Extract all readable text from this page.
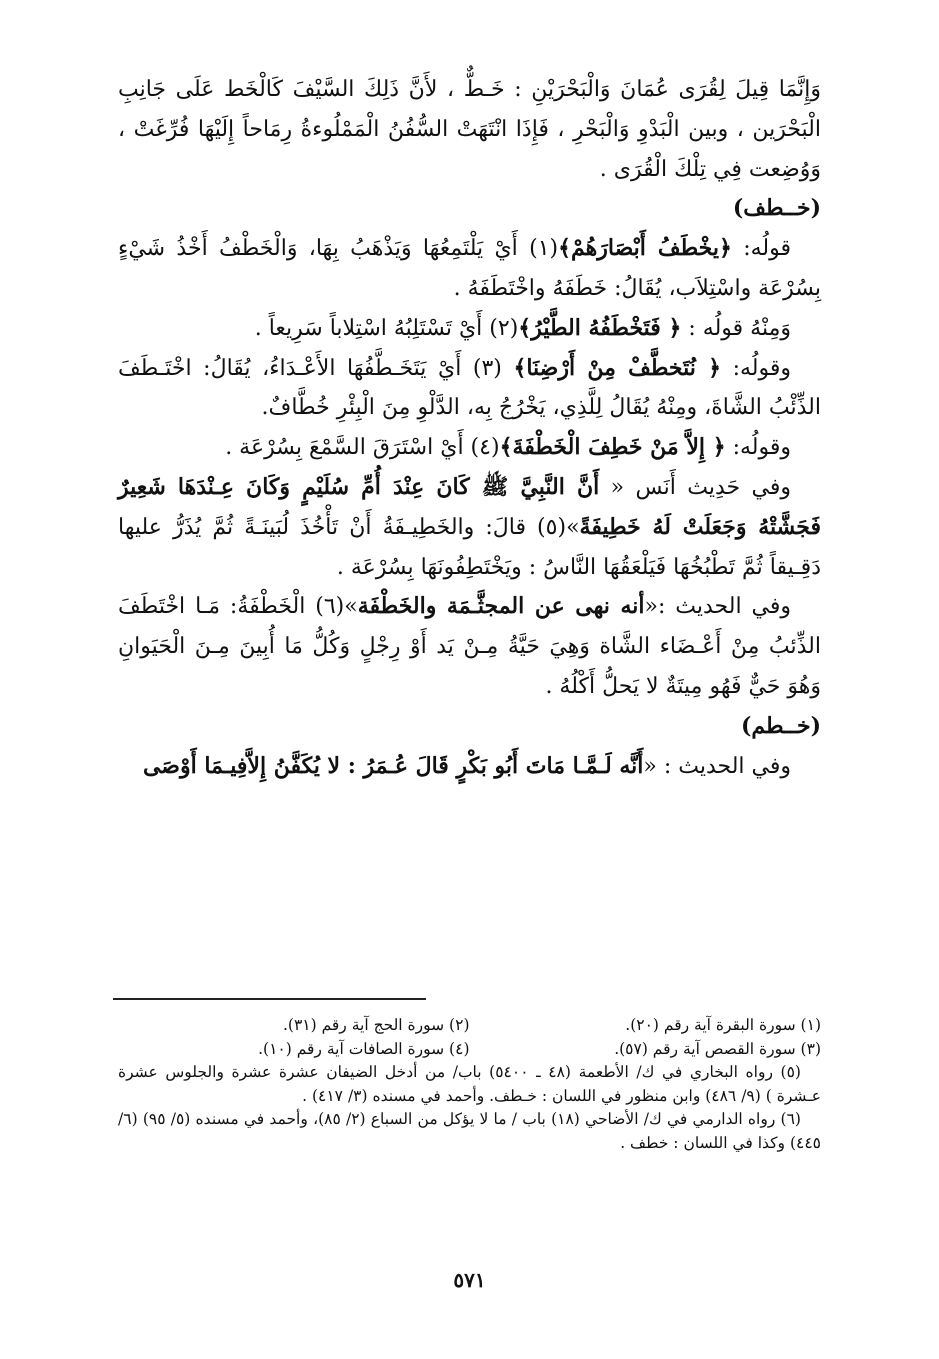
وَإِنَّمَا قِيلَ لِقُرَى عُمَانَ وَالْبَحْرَيْنِ : خَـطٌّ ، لأَنَّ ذَلِكَ السَّيْفَ كَالْخَط عَلَى جَانِبِ الْبَحْرَين ، وبين الْبَدْوِ وَالْبَحْرِ ، فَإِذَا انْتَهَتْ السُّفُنُ الْمَمْلُوءةُ رِمَاحاً إِلَيْهَا فُرِّغَتْ ، وَوُضِعت فِي تِلْكَ الْقُرَى .

(خــطف)

قولُه: ﴿يخْطَفُ أَبْصَارَهُمْ﴾(١) أَيْ يَلْتَمِعُهَا وَيَذْهَبُ بِهَا، وَالْخَطْفُ أَخْذُ شَيْءٍ بِسُرْعَة واسْتِلاَب، يُقَالُ: خَطَفَهُ واخْتَطَفَهُ .

وَمِنْهُ قولُه : ﴿ فَتَخْطَفُهُ الطَّيْرُ﴾(٢) أَيْ تَسْتَلِبُهُ اسْتِلاباً سَرِيعاً .

وقولُه: ﴿ نُتَخطَّفْ مِنْ أَرْضِنَا﴾ (٣) أَيْ يَتَخَـطَّفُهَا الأَعْـدَاءُ، يُقَالُ: اخْتَـطَفَ الذِّئْبُ الشَّاةَ، ومِنْهُ يُقَالُ لِلَّذِي، يَخْرُجُ بِه، الدَّلْوِ مِنَ الْبِئْرِ خُطَّافٌ.

وقولُه: ﴿ إِلاَّ مَنْ خَطِفَ الْخَطْفَةَ﴾(٤) أَيْ اسْتَرَقَ السَّمْعَ بِسُرْعَة .

وفي حَدِيث أَنَس « أَنَّ النَّبِيَّ ﷺ كَانَ عِنْدَ أُمِّ سُلَيْمٍ وَكَانَ عِـنْدَهَا شَعِيرٌ فَجَشَّتْهُ وَجَعَلَتْ لَهُ خَطِيفَةً»(٥) قالَ: والخَطِيـفَةُ أَنْ تَأْخُذَ لُبَينَـةً ثُمَّ يُذَرُّ عليها دَقِـيقاً ثُمَّ تَطْبُخُهَا فَيَلْعَقُهَا النَّاسُ : ويَخْتَطِفُونَهَا بِسُرْعَة .

وفي الحديث :«أنه نهى عن المجثَّـمَة والخَطْفَة»(٦) الْخَطْفَةُ: مَـا اخْتَطَفَ الذِّئبُ مِنْ أَعْـضَاء الشَّاة وَهِيَ حَيَّةُ مِـنْ يَد أَوْ رِجْلٍ وَكُلُّ مَا أُبِينَ مِـنَ الْحَيَوانِ وَهُوَ حَيٌّ فَهُو مِيتَةٌ لا يَحلُّ أَكْلُهُ .

(خــطم)

وفي الحديث : «أَنَّه لَـمَّـا مَاتَ أَبُو بَكْرٍ قَالَ عُـمَرُ : لا يُكَفَّنُ إِلاَّفِيـمَا أَوْصَى

(١) سورة البقرة آية رقم (٢٠).
(٢) سورة الحج آية رقم (٣١).
(٣) سورة القصص آية رقم (٥٧).
(٤) سورة الصافات آية رقم (١٠).

(٥) رواه البخاري في ك/ الأطعمة (٤٨ ـ ٥٤٠٠) باب/ من أدخل الضيفان عشرة عشرة والجلوس عشرة عـشرة ) (٩/ ٤٨٦) وابن منظور في اللسان : خـطف. وأحمد في مسنده (٣/ ٤١٧) .

(٦) رواه الدارمي في ك/ الأضاحي (١٨) باب / ما لا يؤكل من السباع (٢/ ٨٥)، وأحمد في مسنده (٥/ ٩٥) (٦/ ٤٤٥) وكذا في اللسان : خطف .

٥٧١
